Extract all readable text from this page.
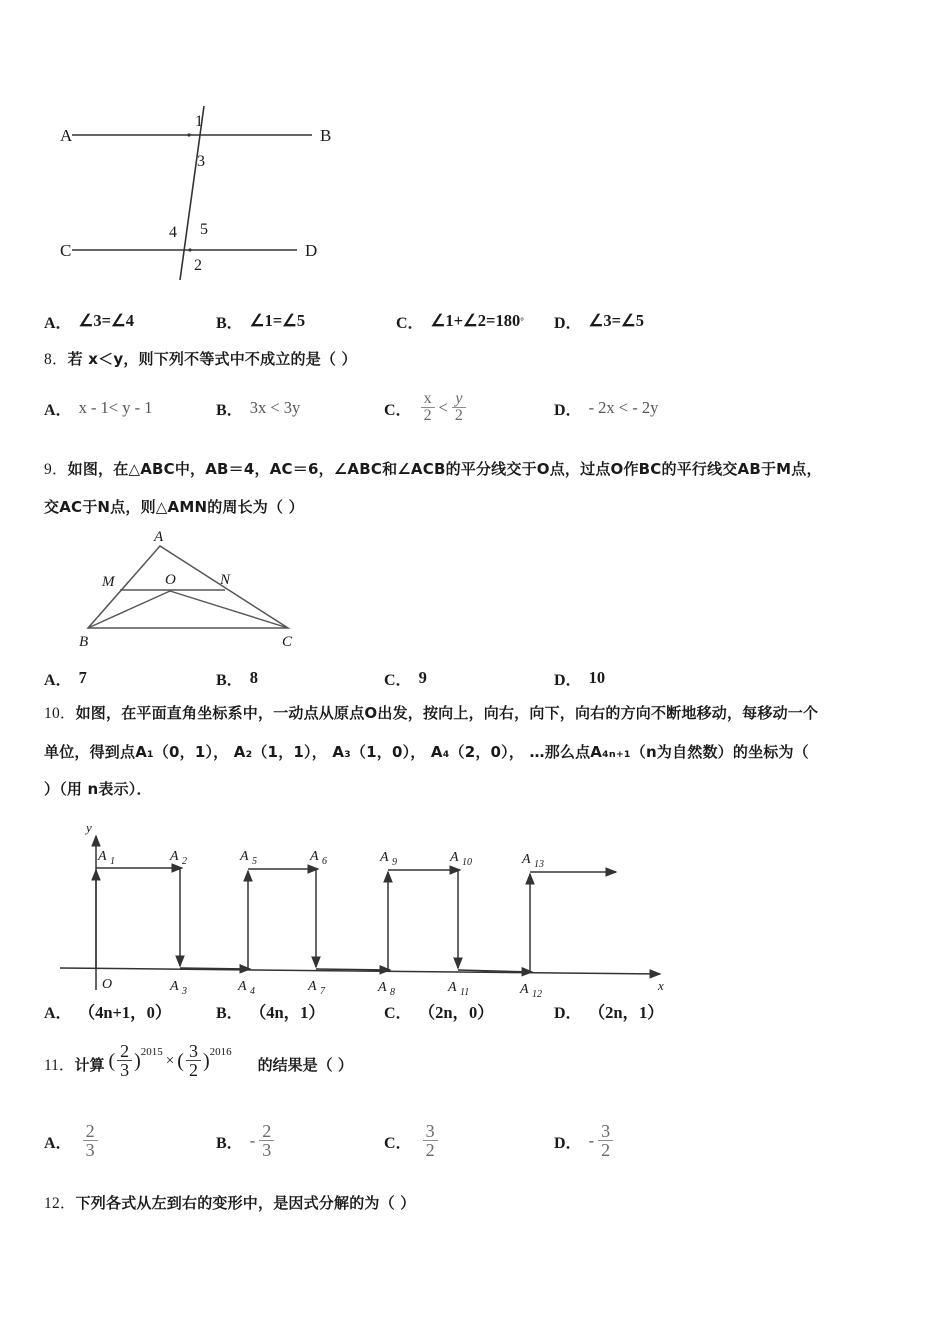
A	B
C	D
1
3
4 5
2
A． ∠3=∠4	B． ∠1=∠5	C． ∠1+∠2=180 ° D． ∠3=∠5
8．若 x＜y，则下列不等式中不成立的是（ ）
A． x - 1< y - 1	B． 3x < 3y	C． $\frac{x}{2} < \frac{y}{2}$	D． - 2x < - 2y
9．如图，在△ABC中，AB＝4，AC＝6，∠ABC和∠ACB的平分线交于O点，过点O作BC的平行线交AB于M点，
交AC于N点，则△AMN的周长为（ ）
A
M	O	N
B	C
A． 7	B． 8	C． 9	D． 10
10．如图，在平面直角坐标系中，一动点从原点O出发，按向上，向右，向下，向右的方向不断地移动，每移动一个
单位，得到点A₁（0，1）， A₂（1，1）， A₃（1，0）， A₄（2，0）， …那么点A₄ₙ₊₁（n为自然数）的坐标为（
）（用 n表示）．
y
x
O
A 1	A 2	A 5	A 6	A 9	A 10	A 13
A 3	A 4	A 7	A 8	A 11	A 12
A． （4n+1，0）	B． （4n，1）	C． （2n，0）	D． （2n，1）
11． 计算 ( $\frac{2}{3}$ ) 2015
× ( $\frac{3}{2}$ ) 2016
的结果是（ ）
A． $\frac{2}{3}$	B． - $\frac{2}{3}$	C． $\frac{3}{2}$	D． - $\frac{3}{2}$
12．下列各式从左到右的变形中，是因式分解的为（ ）
